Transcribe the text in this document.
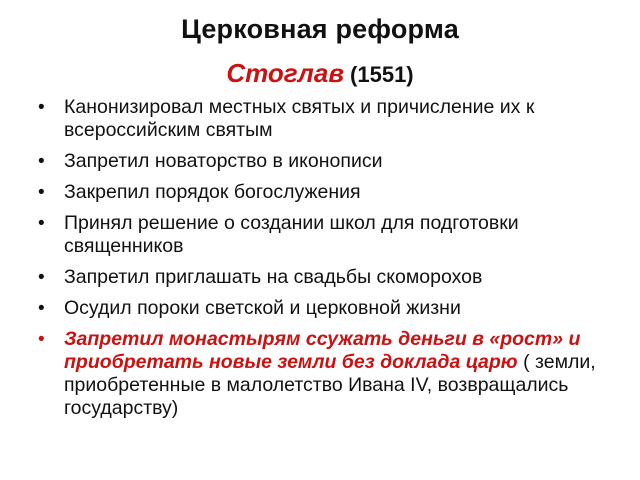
Церковная реформа
Стоглав (1551)
• Канонизировал местных святых и причисление их к всероссийским святым
• Запретил новаторство в иконописи
• Закрепил порядок богослужения
• Принял решение о создании школ для подготовки священников
• Запретил приглашать на свадьбы скоморохов
• Осудил пороки светской и церковной жизни
• Запретил монастырям ссужать деньги в «рост» и приобретать новые земли без доклада царю ( земли, приобретенные в малолетство Ивана IV, возвращались государству)
